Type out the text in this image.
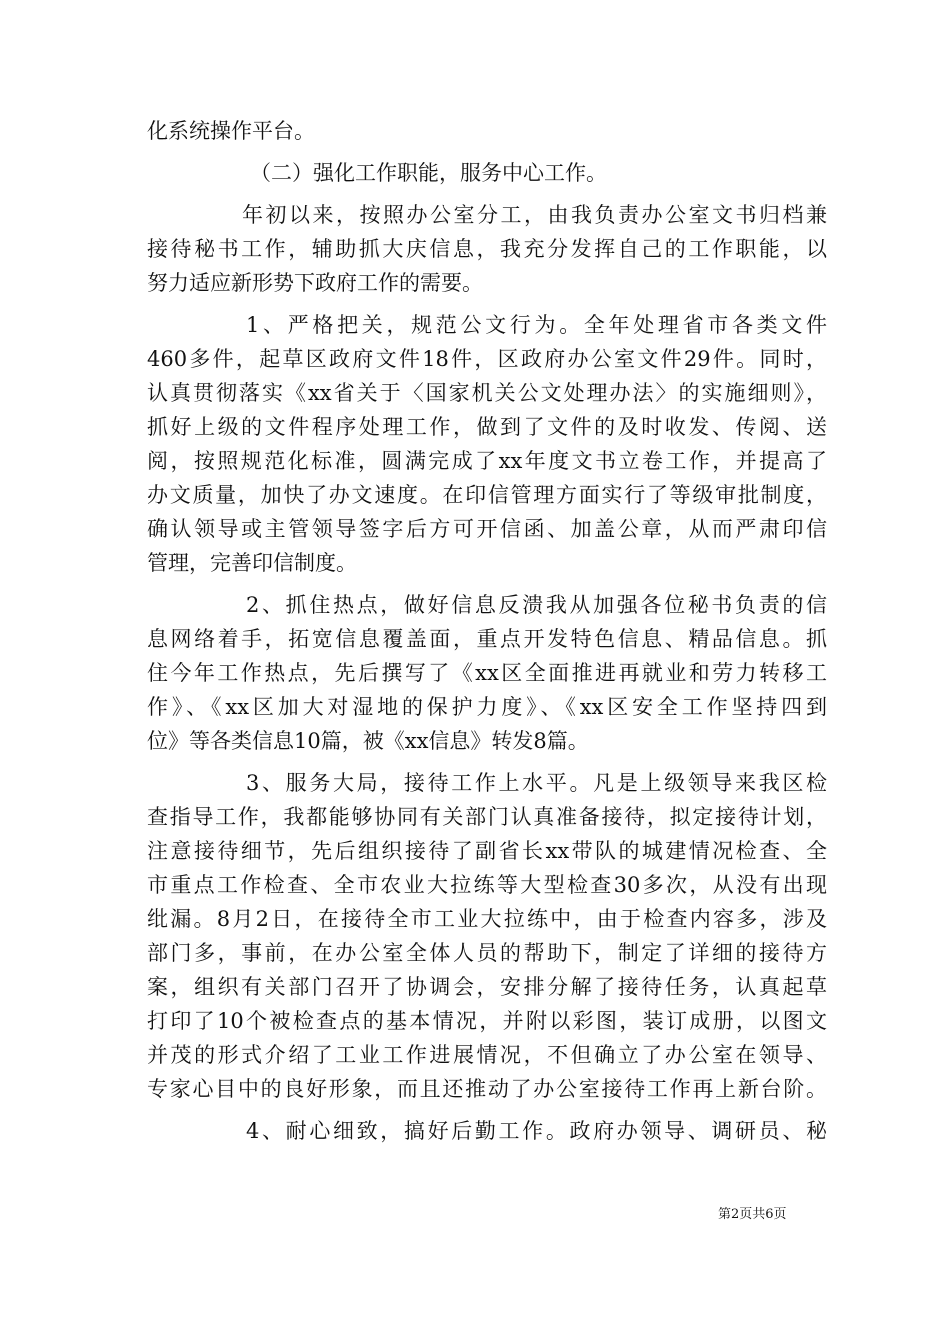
化系统操作平台。
（二）强化工作职能，服务中心工作。
年初以来，按照办公室分工，由我负责办公室文书归档兼
接待秘书工作，辅助抓大庆信息，我充分发挥自己的工作职能，以
努力适应新形势下政府工作的需要。
1、严格把关，规范公文行为。全年处理省市各类文件
460多件，起草区政府文件18件，区政府办公室文件29件。同时，
认真贯彻落实《xx省关于〈国家机关公文处理办法〉的实施细则》，
抓好上级的文件程序处理工作，做到了文件的及时收发、传阅、送
阅，按照规范化标准，圆满完成了xx年度文书立卷工作，并提高了
办文质量，加快了办文速度。在印信管理方面实行了等级审批制度，
确认领导或主管领导签字后方可开信函、加盖公章，从而严肃印信
管理，完善印信制度。
2、抓住热点，做好信息反溃我从加强各位秘书负责的信
息网络着手，拓宽信息覆盖面，重点开发特色信息、精品信息。抓
住今年工作热点，先后撰写了《xx区全面推进再就业和劳力转移工
作》、《xx区加大对湿地的保护力度》、《xx区安全工作坚持四到
位》等各类信息10篇，被《xx信息》转发8篇。
3、服务大局，接待工作上水平。凡是上级领导来我区检
查指导工作，我都能够协同有关部门认真准备接待，拟定接待计划，
注意接待细节，先后组织接待了副省长xx带队的城建情况检查、全
市重点工作检查、全市农业大拉练等大型检查30多次，从没有出现
纰漏。8月2日，在接待全市工业大拉练中，由于检查内容多，涉及
部门多，事前，在办公室全体人员的帮助下，制定了详细的接待方
案，组织有关部门召开了协调会，安排分解了接待任务，认真起草
打印了10个被检查点的基本情况，并附以彩图，装订成册，以图文
并茂的形式介绍了工业工作进展情况，不但确立了办公室在领导、
专家心目中的良好形象，而且还推动了办公室接待工作再上新台阶。
4、耐心细致，搞好后勤工作。政府办领导、调研员、秘
第2页共6页
